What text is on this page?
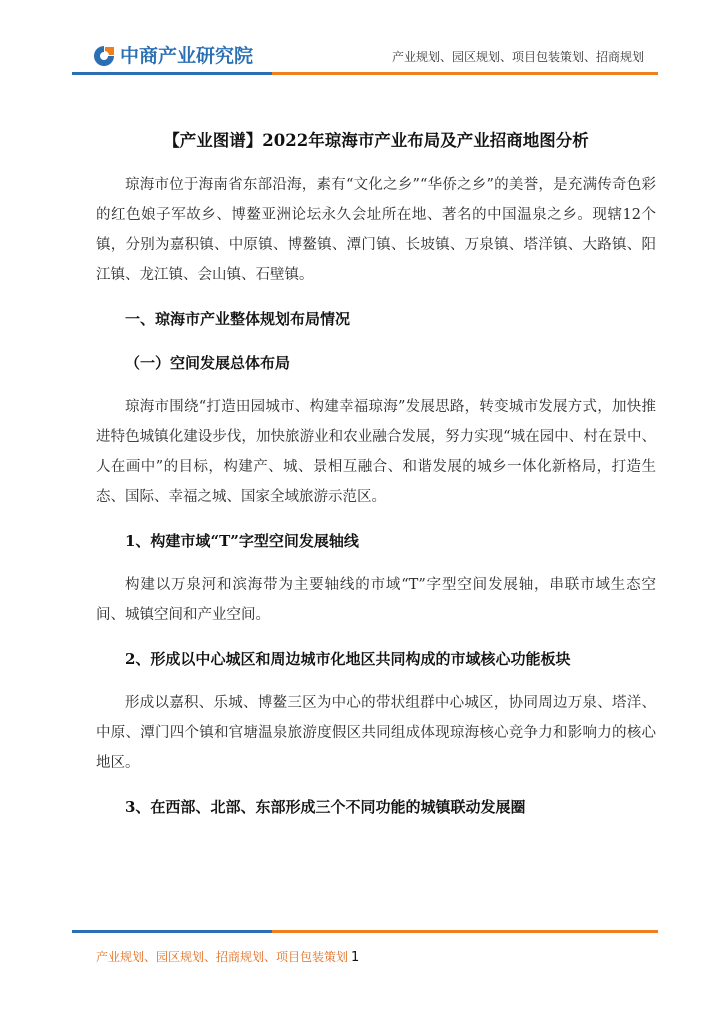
中商产业研究院	产业规划、园区规划、项目包装策划、招商规划
【产业图谱】2022年琼海市产业布局及产业招商地图分析

琼海市位于海南省东部沿海，素有“文化之乡”“华侨之乡”的美誉，是充满传奇色彩的红色娘子军故乡、博鳌亚洲论坛永久会址所在地、著名的中国温泉之乡。现辖12个镇，分别为嘉积镇、中原镇、博鳌镇、潭门镇、长坡镇、万泉镇、塔洋镇、大路镇、阳江镇、龙江镇、会山镇、石壁镇。

一、琼海市产业整体规划布局情况
（一）空间发展总体布局

琼海市围绕“打造田园城市、构建幸福琼海”发展思路，转变城市发展方式，加快推进特色城镇化建设步伐，加快旅游业和农业融合发展，努力实现“城在园中、村在景中、人在画中”的目标，构建产、城、景相互融合、和谐发展的城乡一体化新格局，打造生态、国际、幸福之城、国家全域旅游示范区。

1、构建市域“T”字型空间发展轴线

构建以万泉河和滨海带为主要轴线的市域“T”字型空间发展轴，串联市域生态空间、城镇空间和产业空间。

2、形成以中心城区和周边城市化地区共同构成的市域核心功能板块

形成以嘉积、乐城、博鳌三区为中心的带状组群中心城区，协同周边万泉、塔洋、中原、潭门四个镇和官塘温泉旅游度假区共同组成体现琼海核心竞争力和影响力的核心地区。

3、在西部、北部、东部形成三个不同功能的城镇联动发展圈
产业规划、园区规划、招商规划、项目包装策划 1
